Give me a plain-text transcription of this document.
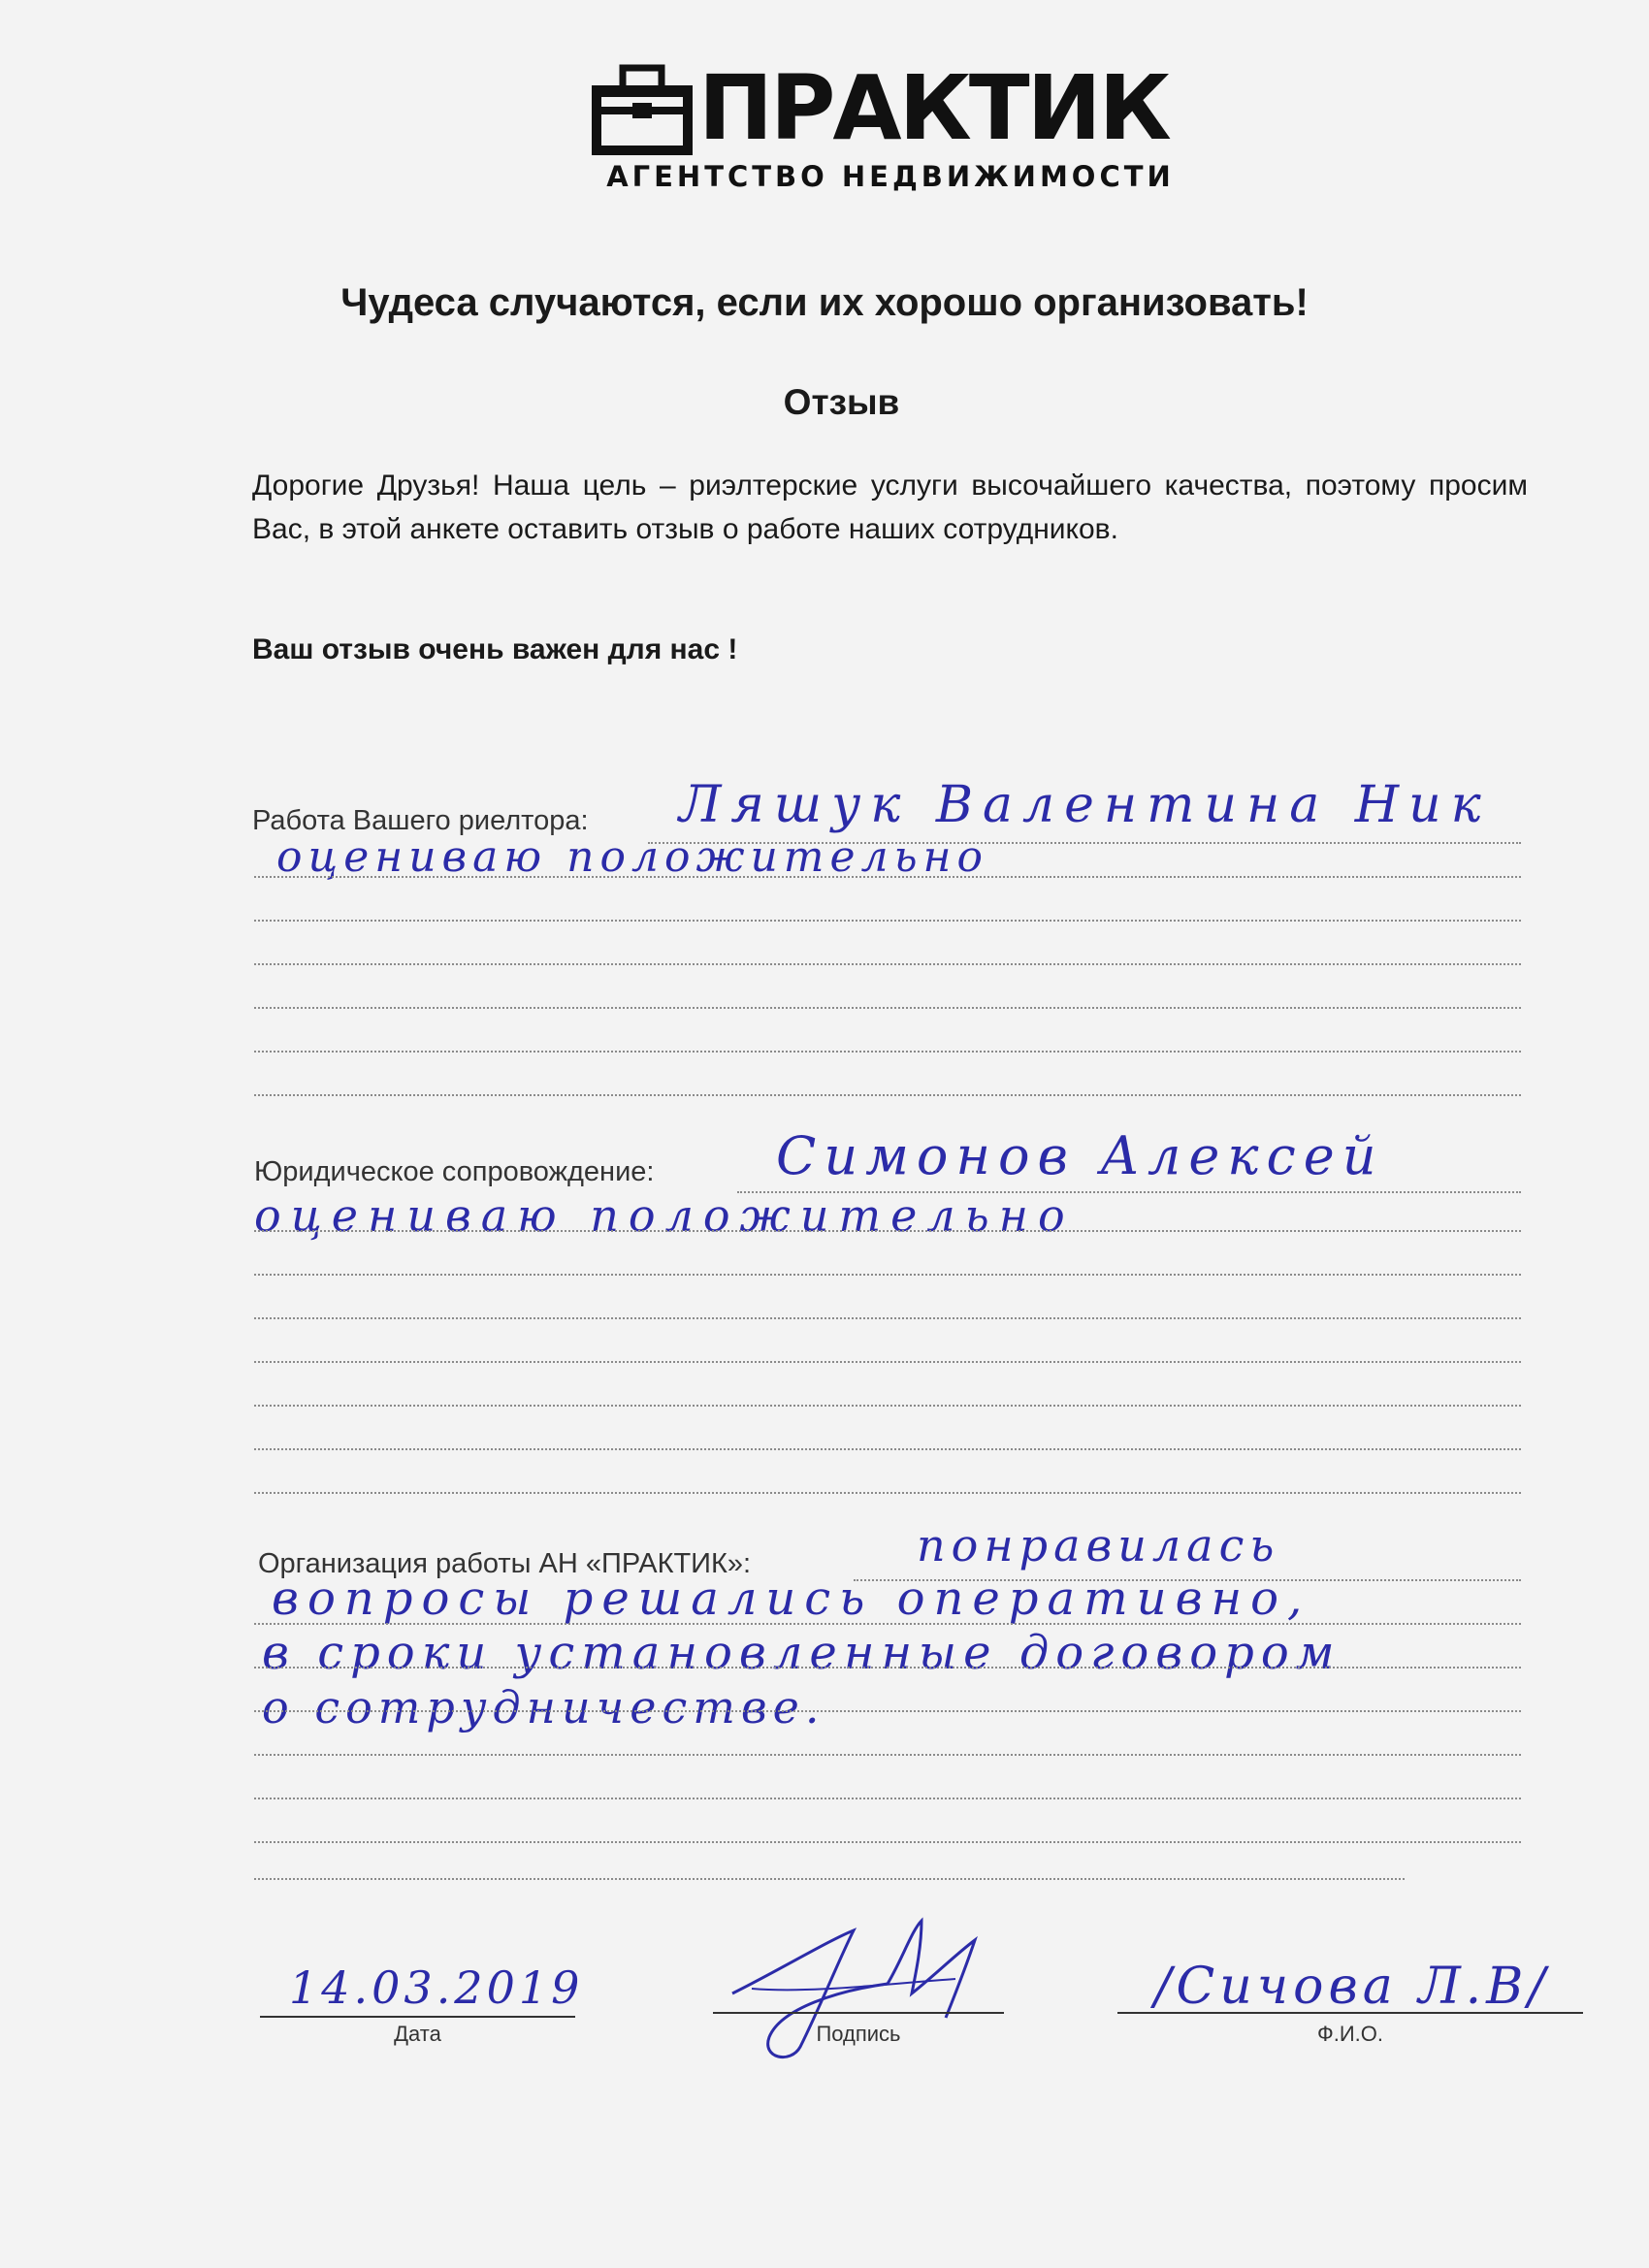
ПРАКТИК
АГЕНТСТВО НЕДВИЖИМОСТИ
Чудеса случаются, если их хорошо организовать!
Отзыв
Дорогие Друзья! Наша цель – риэлтерские услуги высочайшего качества, поэтому просим Вас, в этой анкете оставить отзыв о работе наших сотрудников.
Ваш отзыв очень важен для нас !
Работа Вашего риелтора: Ляшук Валентина Ник
оцениваю положительно
Юридическое сопровождение: Симонов Алексей
оцениваю положительно
Организация работы АН «ПРАКТИК»:	понравилась
вопросы решались оперативно,
в сроки установленные договором
о сотрудничестве.
14.03.2019
Дата	Подпись
/Сичова Л.В/
Ф.И.О.
